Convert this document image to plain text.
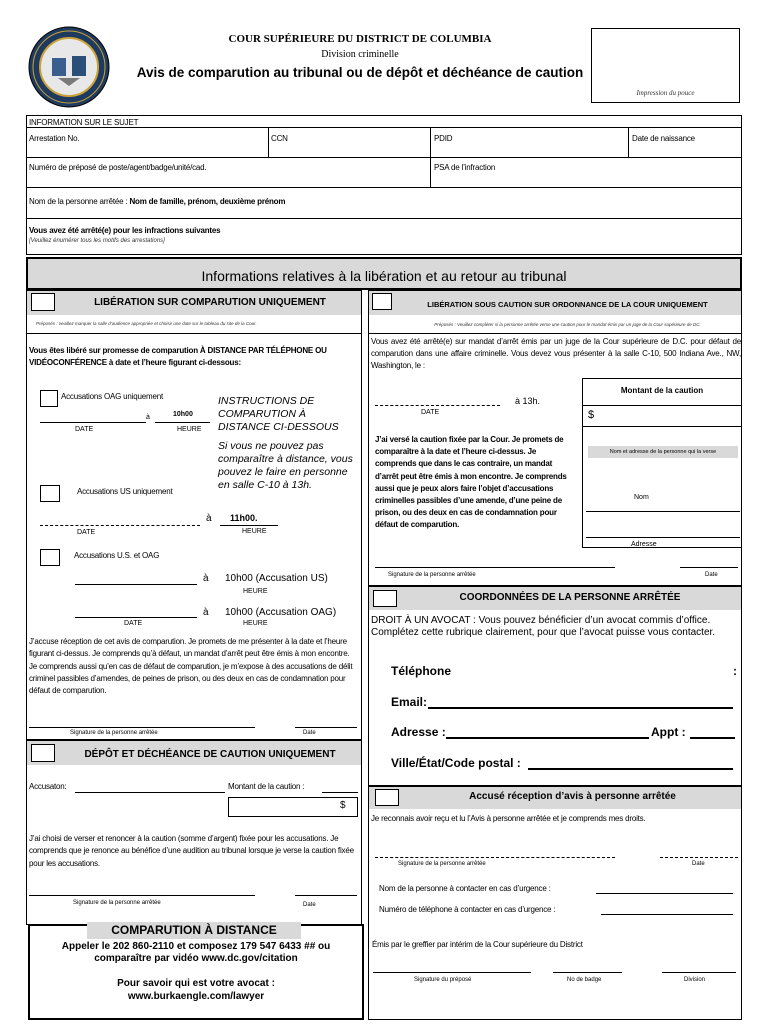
COUR SUPÉRIEURE DU DISTRICT DE COLUMBIA
Division criminelle
Avis de comparution au tribunal ou de dépôt et déchéance de caution
Impression du pouce
INFORMATION SUR LE SUJET
Arrestation No.	CCN	PDID	Date de naissance
Numéro de préposé de poste/agent/badge/unité/cad.	PSA de l’infraction
Nom de la personne arrêtée : Nom de famille, prénom, deuxième prénom
Vous avez été arrêté(e) pour les infractions suivantes
[Veuillez énumérer tous les motifs des arrestations]
Informations relatives à la libération et au retour au tribunal
LIBÉRATION SUR COMPARUTION UNIQUEMENT
Préposés : veuillez marquer la salle d’audience appropriée et choisir une date sur le tableau du site de la Cour.
Vous êtes libéré sur promesse de comparution À DISTANCE PAR TÉLÉPHONE OU VIDÉOCONFÉRENCE à date et l’heure figurant ci-dessous:
Accusations OAG uniquement
à	10h00
DATE	HEURE
INSTRUCTIONS DE COMPARUTION À DISTANCE CI-DESSOUS
Si vous ne pouvez pas comparaître à distance, vous pouvez le faire en personne en salle C-10 à 13h.
Accusations US uniquement
à 11h00.
DATE	HEURE
Accusations U.S. et OAG
à 10h00 (Accusation US)
HEURE
à 10h00 (Accusation OAG)
DATE	HEURE
J’accuse réception de cet avis de comparution. Je promets de me présenter à la date et l’heure figurant ci-dessus. Je comprends qu’à défaut, un mandat d’arrêt peut être émis à mon encontre. Je comprends aussi qu’en cas de défaut de comparution, je m’expose à des accusations de délit criminel passibles d’amendes, de peines de prison, ou des deux en cas de condamnation pour défaut de comparution.
Signature de la personne arrêtée	Date
DÉPÔT ET DÉCHÉANCE DE CAUTION UNIQUEMENT
Accusaton:	Montant de la caution :
$
J’ai choisi de verser et renoncer à la caution (somme d’argent) fixée pour les accusations. Je comprends que je renonce au bénéfice d’une audition au tribunal lorsque je verse la caution fixée pour les accusations.
Signature de la personne arrêtée	Date
COMPARUTION À DISTANCE
Appeler le 202 860-2110 et composez 179 547 6433 ## ou
comparaître par vidéo www.dc.gov/citation
Pour savoir qui est votre avocat :
www.burkaengle.com/lawyer
LIBÉRATION SOUS CAUTION SUR ORDONNANCE DE LA COUR UNIQUEMENT
Préposés : Veuillez compléter si la personne arrêtée verse une caution pour le mandat émis par un juge de la Cour supérieure de DC.
Vous avez été arrêté(e) sur mandat d’arrêt émis par un juge de la Cour supérieure de D.C. pour défaut de comparution dans une affaire criminelle. Vous devez vous présenter à la salle C-10, 500 Indiana Ave., NW, Washington, le :
à 13h.
DATE
Montant de la caution
$
Nom et adresse de la personne qui la verse
Nom
Adresse
J’ai versé la caution fixée par la Cour. Je promets de comparaître à la date et l’heure ci-dessus. Je comprends que dans le cas contraire, un mandat d’arrêt peut être émis à mon encontre. Je comprends aussi que je peux alors faire l’objet d’accusations criminelles passibles d’une amende, d’une peine de prison, ou des deux en cas de condamnation pour défaut de comparution.
Signature de la personne arrêtée	Date
COORDONNÉES DE LA PERSONNE ARRÊTÉE
DROIT À UN AVOCAT : Vous pouvez bénéficier d’un avocat commis d’office. Complétez cette rubrique clairement, pour que l’avocat puisse vous contacter.
Téléphone	:
Email:
Adresse :	Appt :
Ville/État/Code postal :
Accusé réception d’avis à personne arrêtée
Je reconnais avoir reçu et lu l’Avis à personne arrêtée et je comprends mes droits.
Signature de la personne arrêtée	Date
Nom de la personne à contacter en cas d’urgence :
Numéro de téléphone à contacter en cas d’urgence :
Émis par le greffier par intérim de la Cour supérieure du District
Signature du préposé	No de badge	Division
